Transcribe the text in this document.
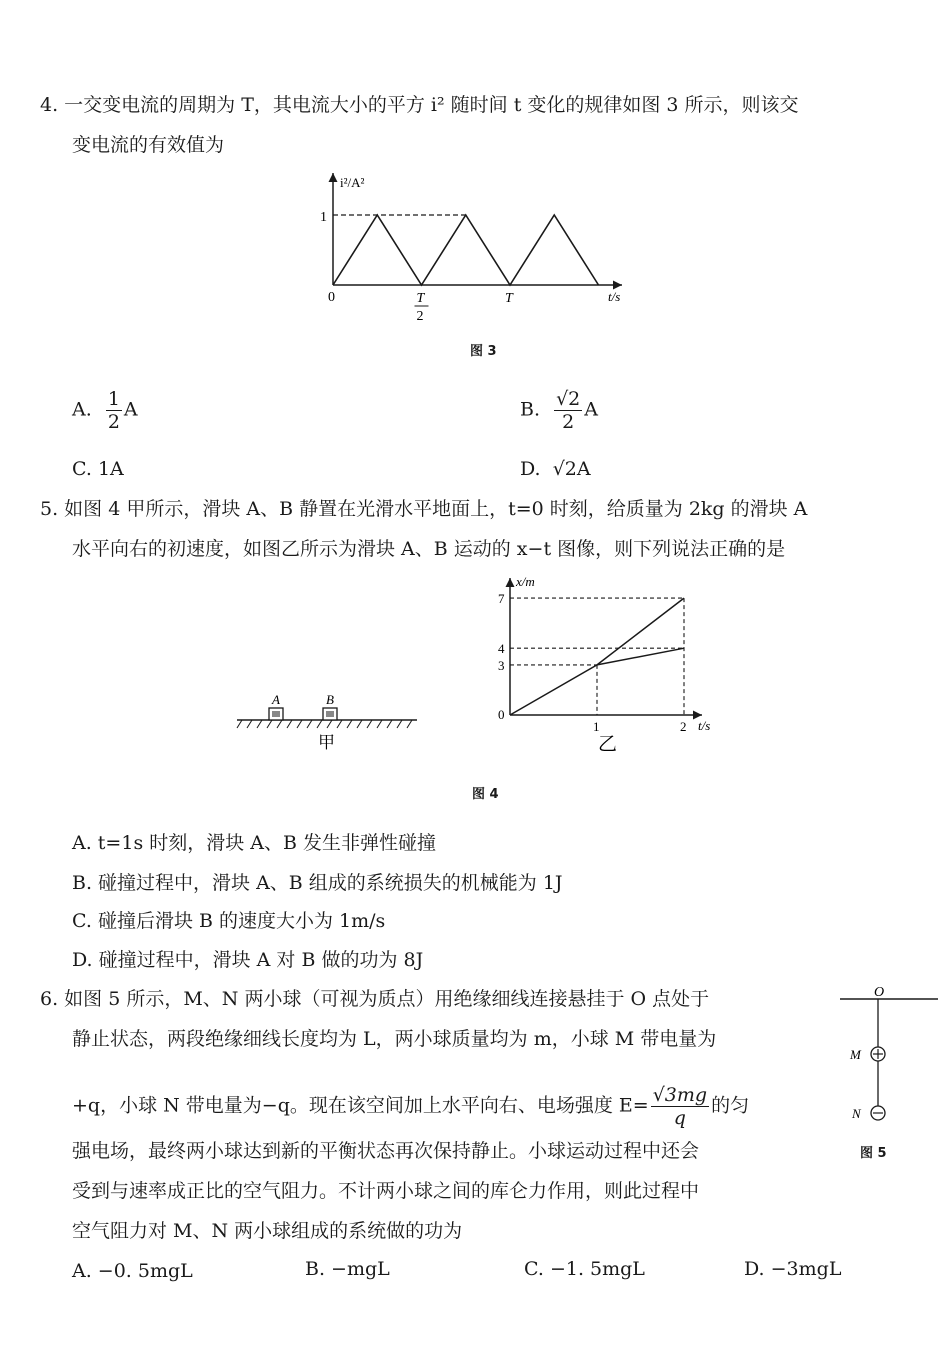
4. 一交变电流的周期为 T，其电流大小的平方 i² 随时间 t 变化的规律如图 3 所示，则该交
变电流的有效值为
i²/A²
t/s
1
0	T
2
T
图 3
A. $\frac{1}{2}$ A	B. $\frac{√2}{2}$ A
C. 1A	D. √2A
5. 如图 4 甲所示，滑块 A、B 静置在光滑水平地面上，t=0 时刻，给质量为 2kg 的滑块 A
水平向右的初速度，如图乙所示为滑块 A、B 运动的 x−t 图像，则下列说法正确的是
A	B
甲
x/m
t/s
乙
3
4
7
0
1	2
图 4
A. t=1s 时刻，滑块 A、B 发生非弹性碰撞
B. 碰撞过程中，滑块 A、B 组成的系统损失的机械能为 1J
C. 碰撞后滑块 B 的速度大小为 1m/s
D. 碰撞过程中，滑块 A 对 B 做的功为 8J
6. 如图 5 所示，M、N 两小球（可视为质点）用绝缘细线连接悬挂于 O 点处于
静止状态，两段绝缘细线长度均为 L，两小球质量均为 m，小球 M 带电量为
+q，小球 N 带电量为−q。现在该空间加上水平向右、电场强度 $E= \frac{√3mg}{q}$ 的匀
强电场，最终两小球达到新的平衡状态再次保持静止。小球运动过程中还会
受到与速率成正比的空气阻力。不计两小球之间的库仑力作用，则此过程中
空气阻力对 M、N 两小球组成的系统做的功为
O
M
N
图 5
A. −0. 5mgL	B. −mgL	C. −1. 5mgL	D. −3mgL
